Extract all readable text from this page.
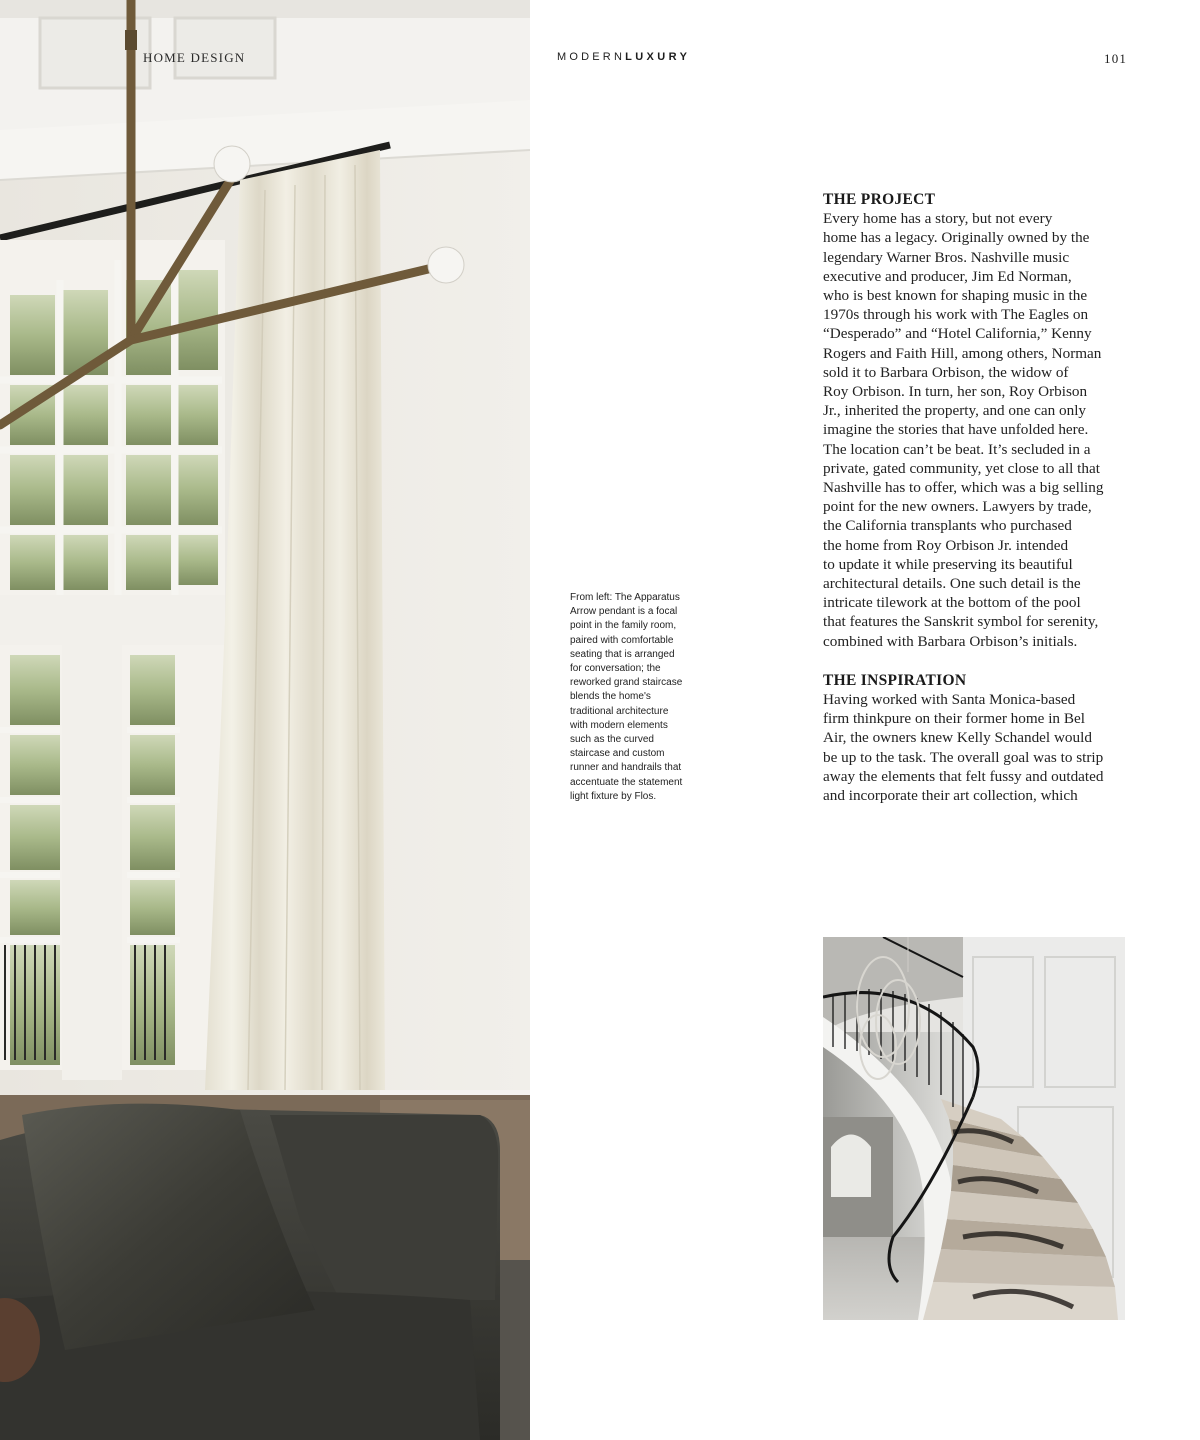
HOME DESIGN	MODERNLUXURY	101
From left: The Apparatus
Arrow pendant is a focal
point in the family room,
paired with comfortable
seating that is arranged
for conversation; the
reworked grand staircase
blends the home's
traditional architecture
with modern elements
such as the curved
staircase and custom
runner and handrails that
accentuate the statement
light fixture by Flos.
THE PROJECT
Every home has a story, but not every
home has a legacy. Originally owned by the
legendary Warner Bros. Nashville music
executive and producer, Jim Ed Norman,
who is best known for shaping music in the
1970s through his work with The Eagles on
“Desperado” and “Hotel California,” Kenny
Rogers and Faith Hill, among others, Norman
sold it to Barbara Orbison, the widow of
Roy Orbison. In turn, her son, Roy Orbison
Jr., inherited the property, and one can only
imagine the stories that have unfolded here.
The location can’t be beat. It’s secluded in a
private, gated community, yet close to all that
Nashville has to offer, which was a big selling
point for the new owners. Lawyers by trade,
the California transplants who purchased
the home from Roy Orbison Jr. intended
to update it while preserving its beautiful
architectural details. One such detail is the
intricate tilework at the bottom of the pool
that features the Sanskrit symbol for serenity,
combined with Barbara Orbison’s initials.
THE INSPIRATION
Having worked with Santa Monica-based
firm thinkpure on their former home in Bel
Air, the owners knew Kelly Schandel would
be up to the task. The overall goal was to strip
away the elements that felt fussy and outdated
and incorporate their art collection, which
